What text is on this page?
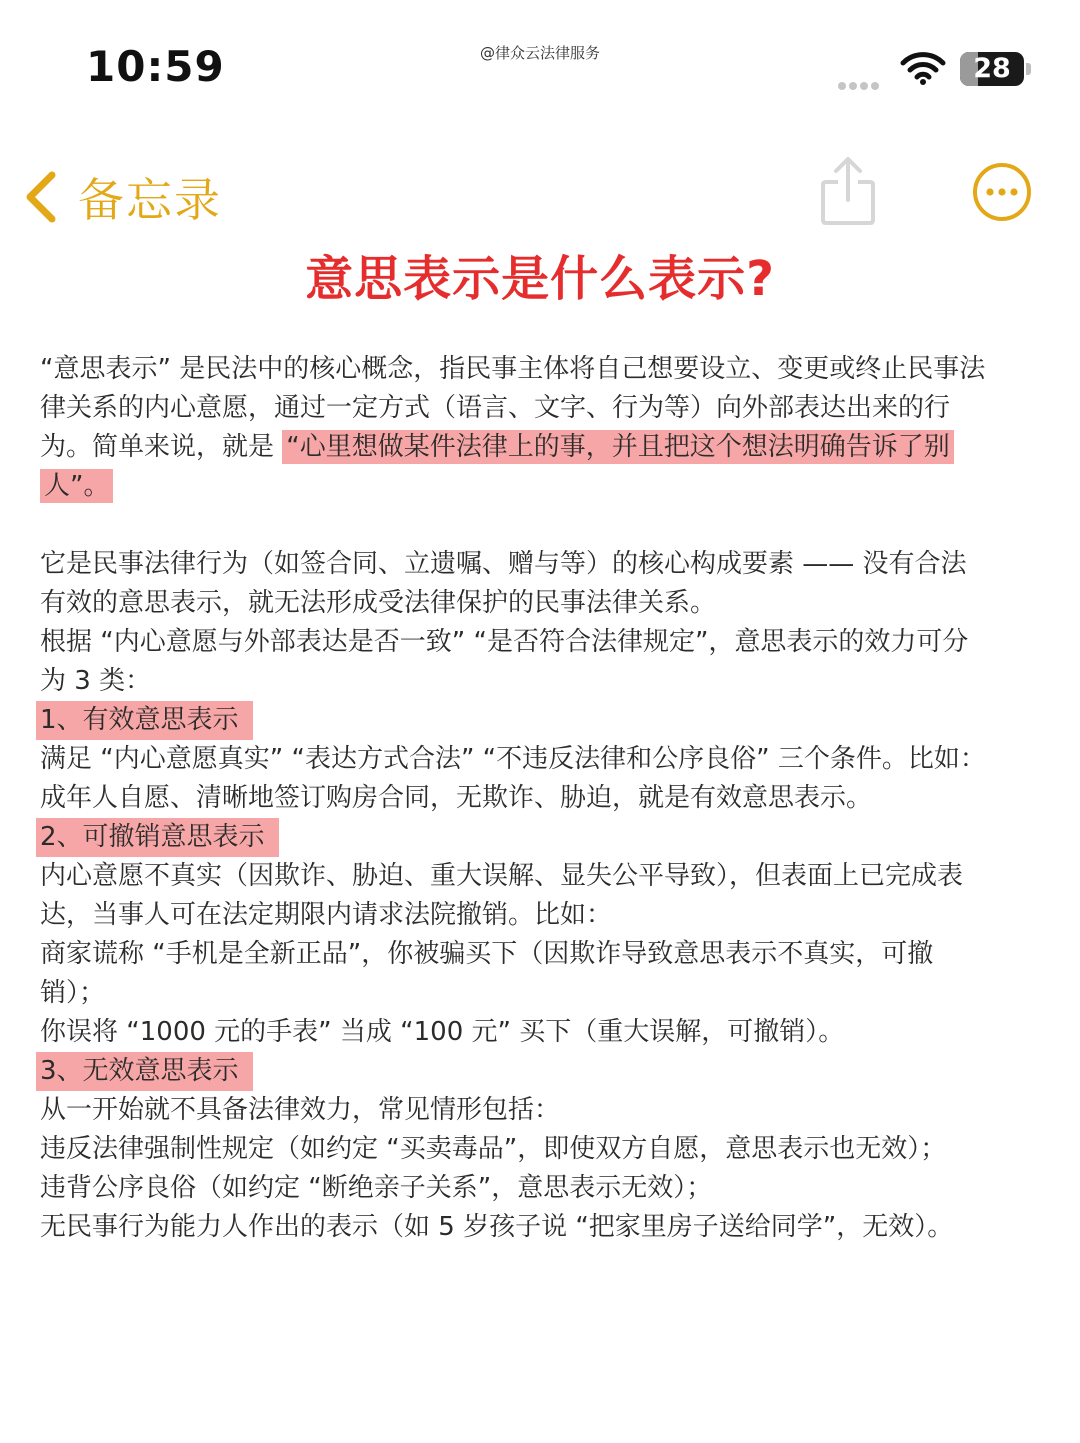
10:59	@律众云法律服务	28
备忘录
意思表示是什么表示?

“意思表示” 是民法中的核心概念，指民事主体将自己想要设立、变更或终止民事法律关系的内心意愿，通过一定方式（语言、文字、行为等）向外部表达出来的行为。简单来说，就是 “心里想做某件法律上的事，并且把这个想法明确告诉了别人”。

它是民事法律行为（如签合同、立遗嘱、赠与等）的核心构成要素 —— 没有合法有效的意思表示，就无法形成受法律保护的民事法律关系。

根据 “内心意愿与外部表达是否一致” “是否符合法律规定”，意思表示的效力可分为 3 类：

1、有效意思表示

满足 “内心意愿真实” “表达方式合法” “不违反法律和公序良俗” 三个条件。比如：成年人自愿、清晰地签订购房合同，无欺诈、胁迫，就是有效意思表示。

2、可撤销意思表示

内心意愿不真实（因欺诈、胁迫、重大误解、显失公平导致），但表面上已完成表达，当事人可在法定期限内请求法院撤销。比如：

商家谎称 “手机是全新正品”，你被骗买下（因欺诈导致意思表示不真实，可撤销）；

你误将 “1000 元的手表” 当成 “100 元” 买下（重大误解，可撤销）。

3、无效意思表示

从一开始就不具备法律效力，常见情形包括：

违反法律强制性规定（如约定 “买卖毒品”，即使双方自愿，意思表示也无效）；

违背公序良俗（如约定 “断绝亲子关系”，意思表示无效）；

无民事行为能力人作出的表示（如 5 岁孩子说 “把家里房子送给同学”，无效）。
